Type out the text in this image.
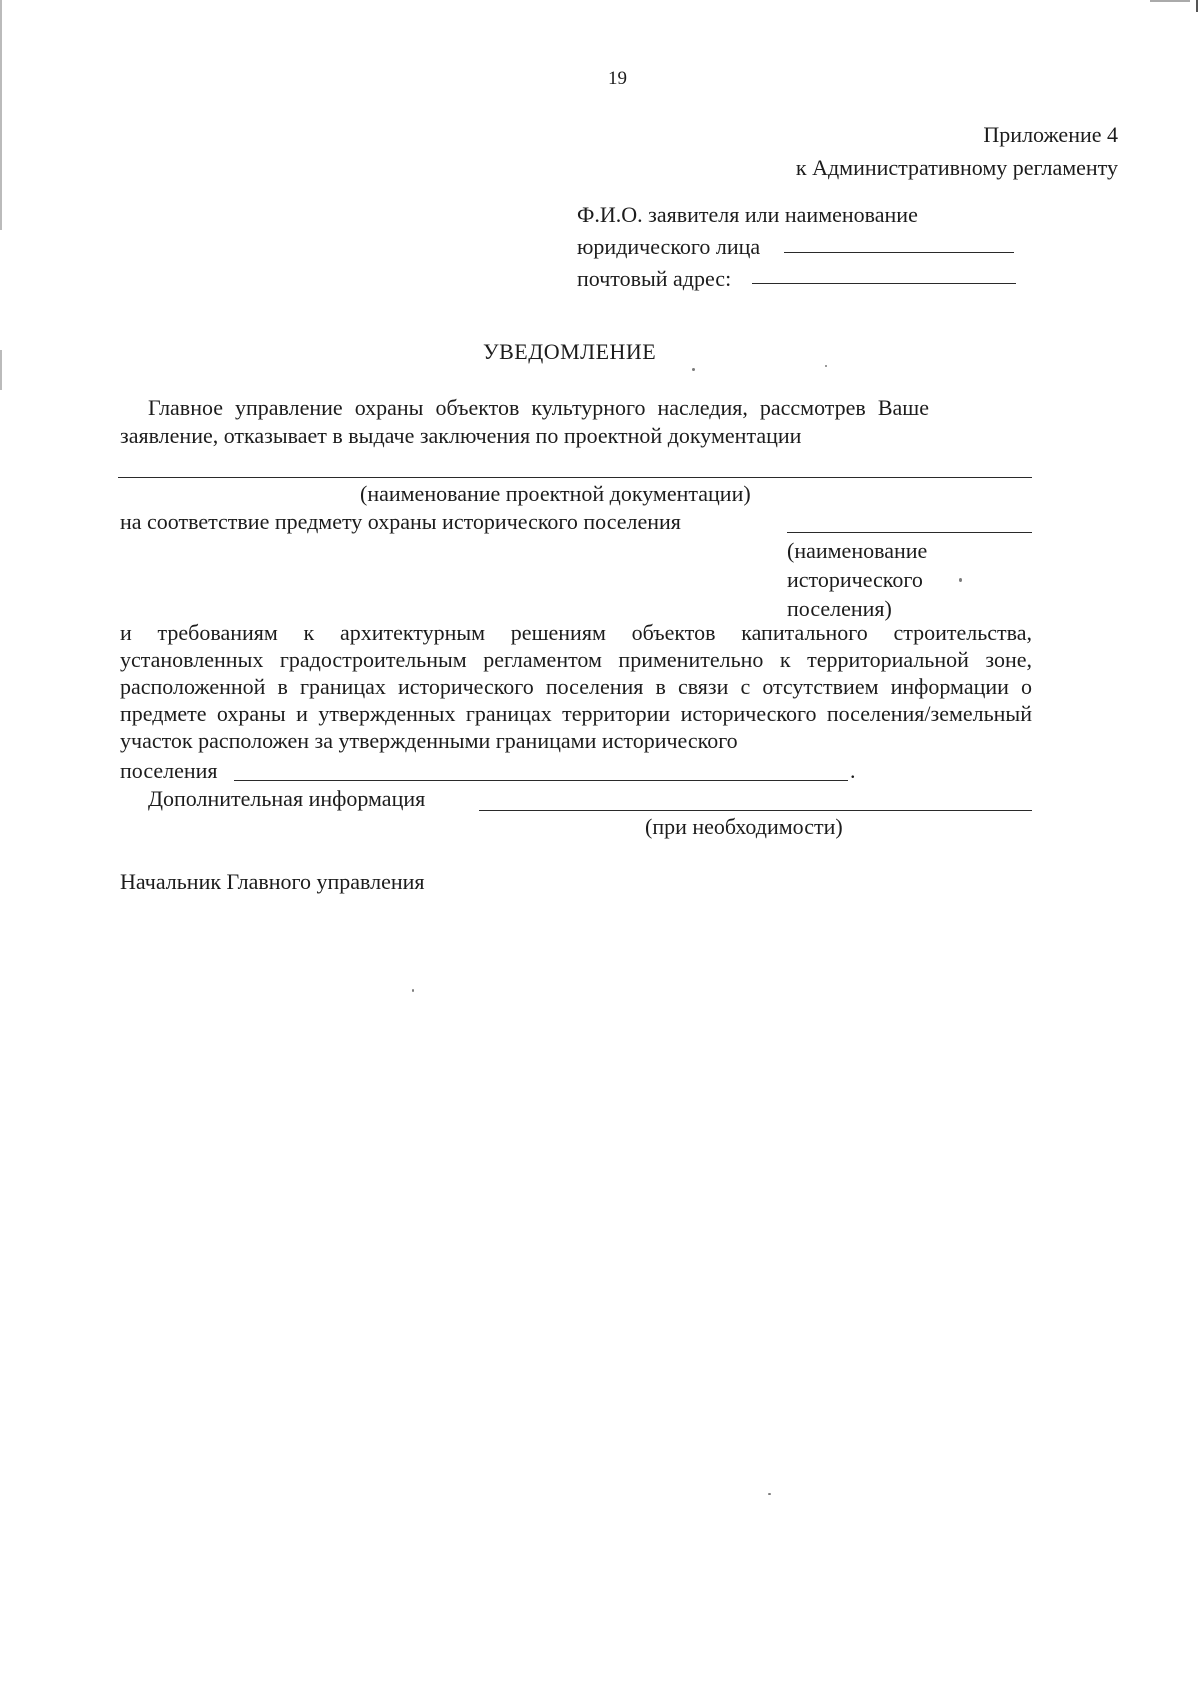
19
Приложение 4
к Административному регламенту
Ф.И.О. заявителя или наименование
юридического лица
почтовый адрес:
УВЕДОМЛЕНИЕ
Главное управление охраны объектов культурного наследия, рассмотрев Ваше
заявление, отказывает в выдаче заключения по проектной документации
(наименование проектной документации)
на соответствие предмету охраны исторического поселения
(наименование
исторического
поселения)

и требованиям к архитектурным решениям объектов капитального строительства, установленных градостроительным регламентом применительно к территориальной зоне, расположенной в границах исторического поселения в связи с отсутствием информации о предмете охраны и утвержденных границах территории исторического поселения/земельный участок расположен за утвержденными границами исторического

поселения	.
Дополнительная информация
(при необходимости)
Начальник Главного управления
